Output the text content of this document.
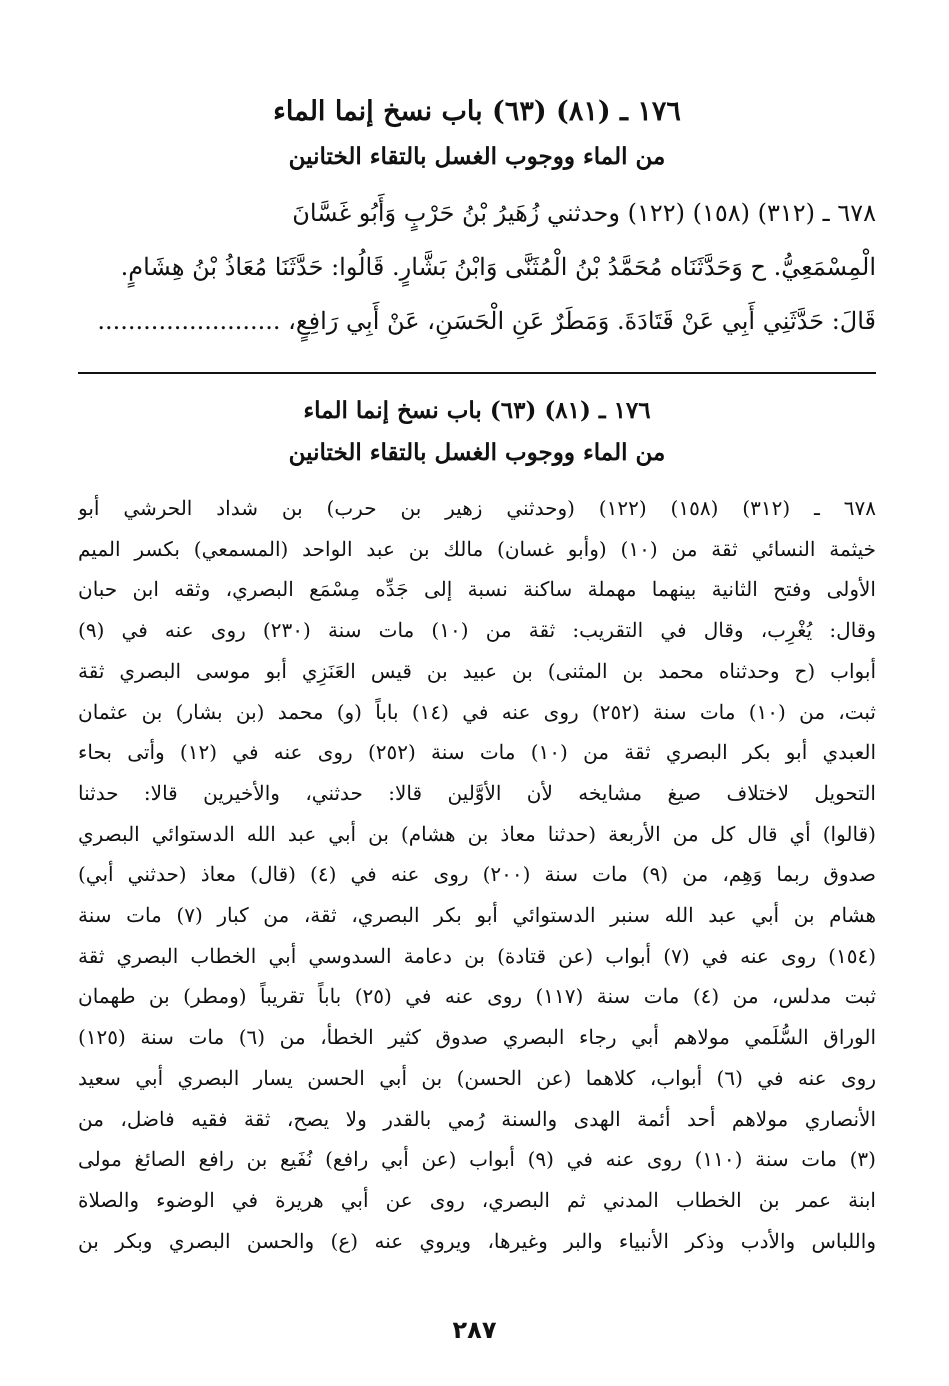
١٧٦ ـ (٨١) (٦٣) باب نسخ إنما الماء
من الماء ووجوب الغسل بالتقاء الختانين
٦٧٨ ـ (٣١٢) (١٥٨) (١٢٢) وحدثني زُهَيرُ بْنُ حَرْبٍ وَأَبُو غَسَّانَ
الْمِسْمَعِيُّ. ح وَحَدَّثَنَاه مُحَمَّدُ بْنُ الْمُثَنَّى وَابْنُ بَشَّارٍ. قَالُوا: حَدَّثَنَا مُعَاذُ بْنُ هِشَامٍ.
قَالَ: حَدَّثَنِي أَبِي عَنْ قَتَادَةَ. وَمَطَرٌ عَنِ الْحَسَنِ، عَنْ أَبِي رَافِعٍ، ........................
١٧٦ ـ (٨١) (٦٣) باب نسخ إنما الماء
من الماء ووجوب الغسل بالتقاء الختانين
٦٧٨ ـ (٣١٢) (١٥٨) (١٢٢) (وحدثني زهير بن حرب) بن شداد الحرشي أبو
خيثمة النسائي ثقة من (١٠) (وأبو غسان) مالك بن عبد الواحد (المسمعي) بكسر الميم
الأولى وفتح الثانية بينهما مهملة ساكنة نسبة إلى جَدِّه مِسْمَع البصري، وثقه ابن حبان
وقال: يُغْرِب، وقال في التقريب: ثقة من (١٠) مات سنة (٢٣٠) روى عنه في (٩)
أبواب (ح وحدثناه محمد بن المثنى) بن عبيد بن قيس العَنَزِي أبو موسى البصري ثقة
ثبت، من (١٠) مات سنة (٢٥٢) روى عنه في (١٤) باباً (و) محمد (بن بشار) بن عثمان
العبدي أبو بكر البصري ثقة من (١٠) مات سنة (٢٥٢) روى عنه في (١٢) وأتى بحاء
التحويل لاختلاف صيغ مشايخه لأن الأوَّلين قالا: حدثني، والأخيرين قالا: حدثنا
(قالوا) أي قال كل من الأربعة (حدثنا معاذ بن هشام) بن أبي عبد الله الدستوائي البصري
صدوق ربما وَهِم، من (٩) مات سنة (٢٠٠) روى عنه في (٤) (قال) معاذ (حدثني أبي)
هشام بن أبي عبد الله سنبر الدستوائي أبو بكر البصري، ثقة، من كبار (٧) مات سنة
(١٥٤) روى عنه في (٧) أبواب (عن قتادة) بن دعامة السدوسي أبي الخطاب البصري ثقة
ثبت مدلس، من (٤) مات سنة (١١٧) روى عنه في (٢٥) باباً تقريباً (ومطر) بن طهمان
الوراق السُّلَمي مولاهم أبي رجاء البصري صدوق كثير الخطأ، من (٦) مات سنة (١٢٥)
روى عنه في (٦) أبواب، كلاهما (عن الحسن) بن أبي الحسن يسار البصري أبي سعيد
الأنصاري مولاهم أحد أئمة الهدى والسنة رُمي بالقدر ولا يصح، ثقة فقيه فاضل، من
(٣) مات سنة (١١٠) روى عنه في (٩) أبواب (عن أبي رافع) نُفَيع بن رافع الصائغ مولى
ابنة عمر بن الخطاب المدني ثم البصري، روى عن أبي هريرة في الوضوء والصلاة
واللباس والأدب وذكر الأنبياء والبر وغيرها، ويروي عنه (ع) والحسن البصري وبكر بن
٢٨٧
